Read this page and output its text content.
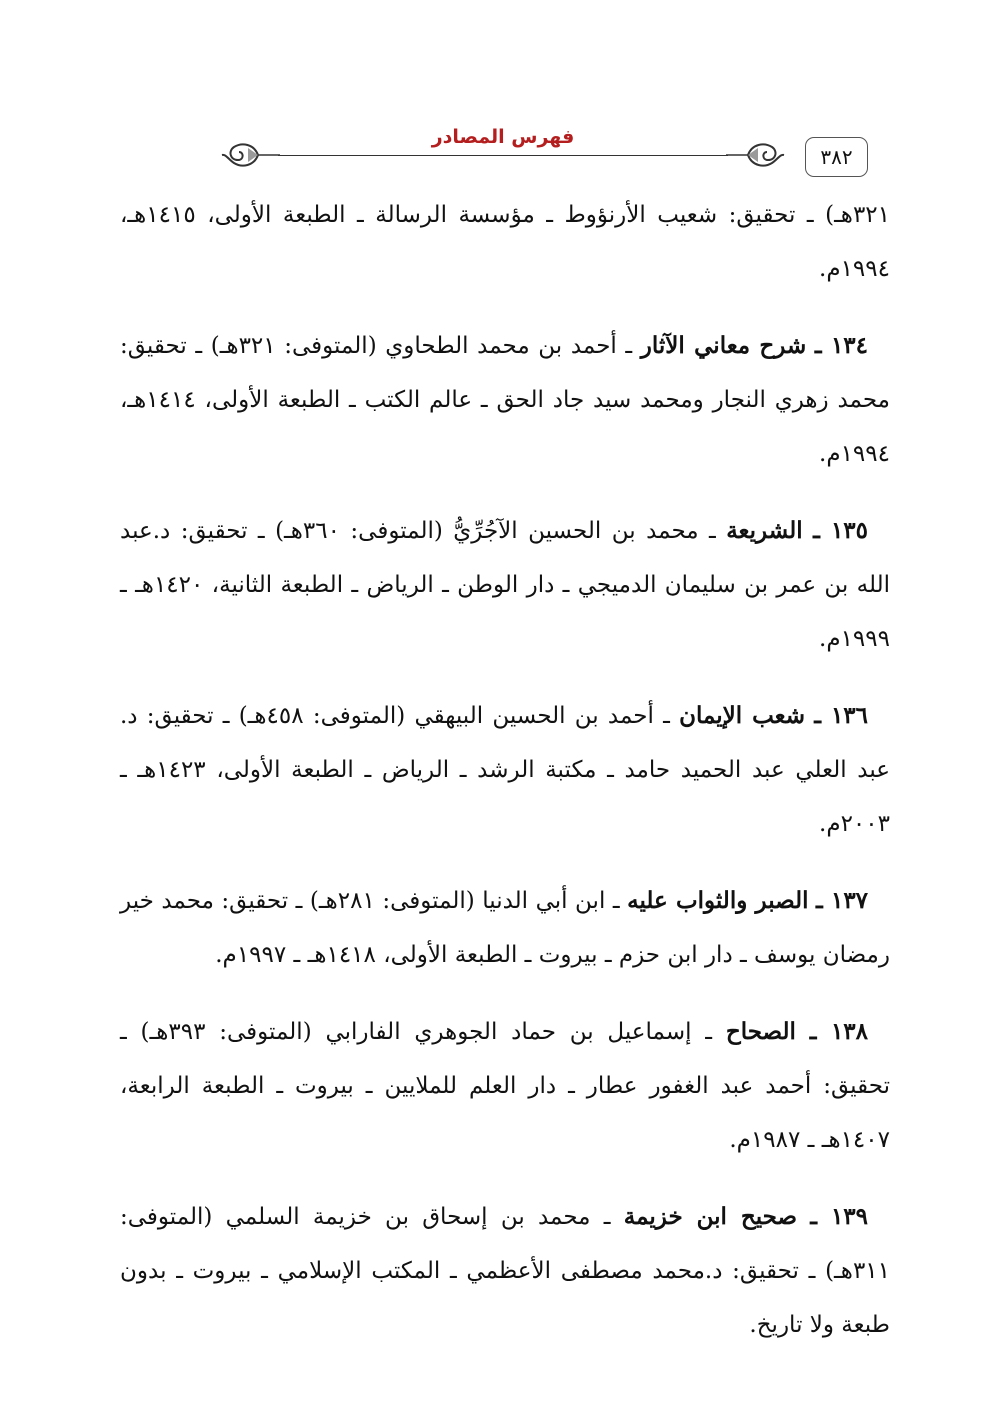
فهرس المصادر
٣٨٢

٣٢١هـ) ـ تحقيق: شعيب الأرنؤوط ـ مؤسسة الرسالة ـ الطبعة الأولى، ١٤١٥هـ، ١٩٩٤م.

١٣٤ ـ شرح معاني الآثار ـ أحمد بن محمد الطحاوي (المتوفى: ٣٢١هـ) ـ تحقيق: محمد زهري النجار ومحمد سيد جاد الحق ـ عالم الكتب ـ الطبعة الأولى، ١٤١٤هـ، ١٩٩٤م.

١٣٥ ـ الشريعة ـ محمد بن الحسين الآجُرِّيُّ (المتوفى: ٣٦٠هـ) ـ تحقيق: د.عبد الله بن عمر بن سليمان الدميجي ـ دار الوطن ـ الرياض ـ الطبعة الثانية، ١٤٢٠هـ ـ ١٩٩٩م.

١٣٦ ـ شعب الإيمان ـ أحمد بن الحسين البيهقي (المتوفى: ٤٥٨هـ) ـ تحقيق: د. عبد العلي عبد الحميد حامد ـ مكتبة الرشد ـ الرياض ـ الطبعة الأولى، ١٤٢٣هـ ـ ٢٠٠٣م.

١٣٧ ـ الصبر والثواب عليه ـ ابن أبي الدنيا (المتوفى: ٢٨١هـ) ـ تحقيق: محمد خير رمضان يوسف ـ دار ابن حزم ـ بيروت ـ الطبعة الأولى، ١٤١٨هـ ـ ١٩٩٧م.

١٣٨ ـ الصحاح ـ إسماعيل بن حماد الجوهري الفارابي (المتوفى: ٣٩٣هـ) ـ تحقيق: أحمد عبد الغفور عطار ـ دار العلم للملايين ـ بيروت ـ الطبعة الرابعة، ١٤٠٧هـ ـ ١٩٨٧م.

١٣٩ ـ صحيح ابن خزيمة ـ محمد بن إسحاق بن خزيمة السلمي (المتوفى: ٣١١هـ) ـ تحقيق: د.محمد مصطفى الأعظمي ـ المكتب الإسلامي ـ بيروت ـ بدون طبعة ولا تاريخ.
